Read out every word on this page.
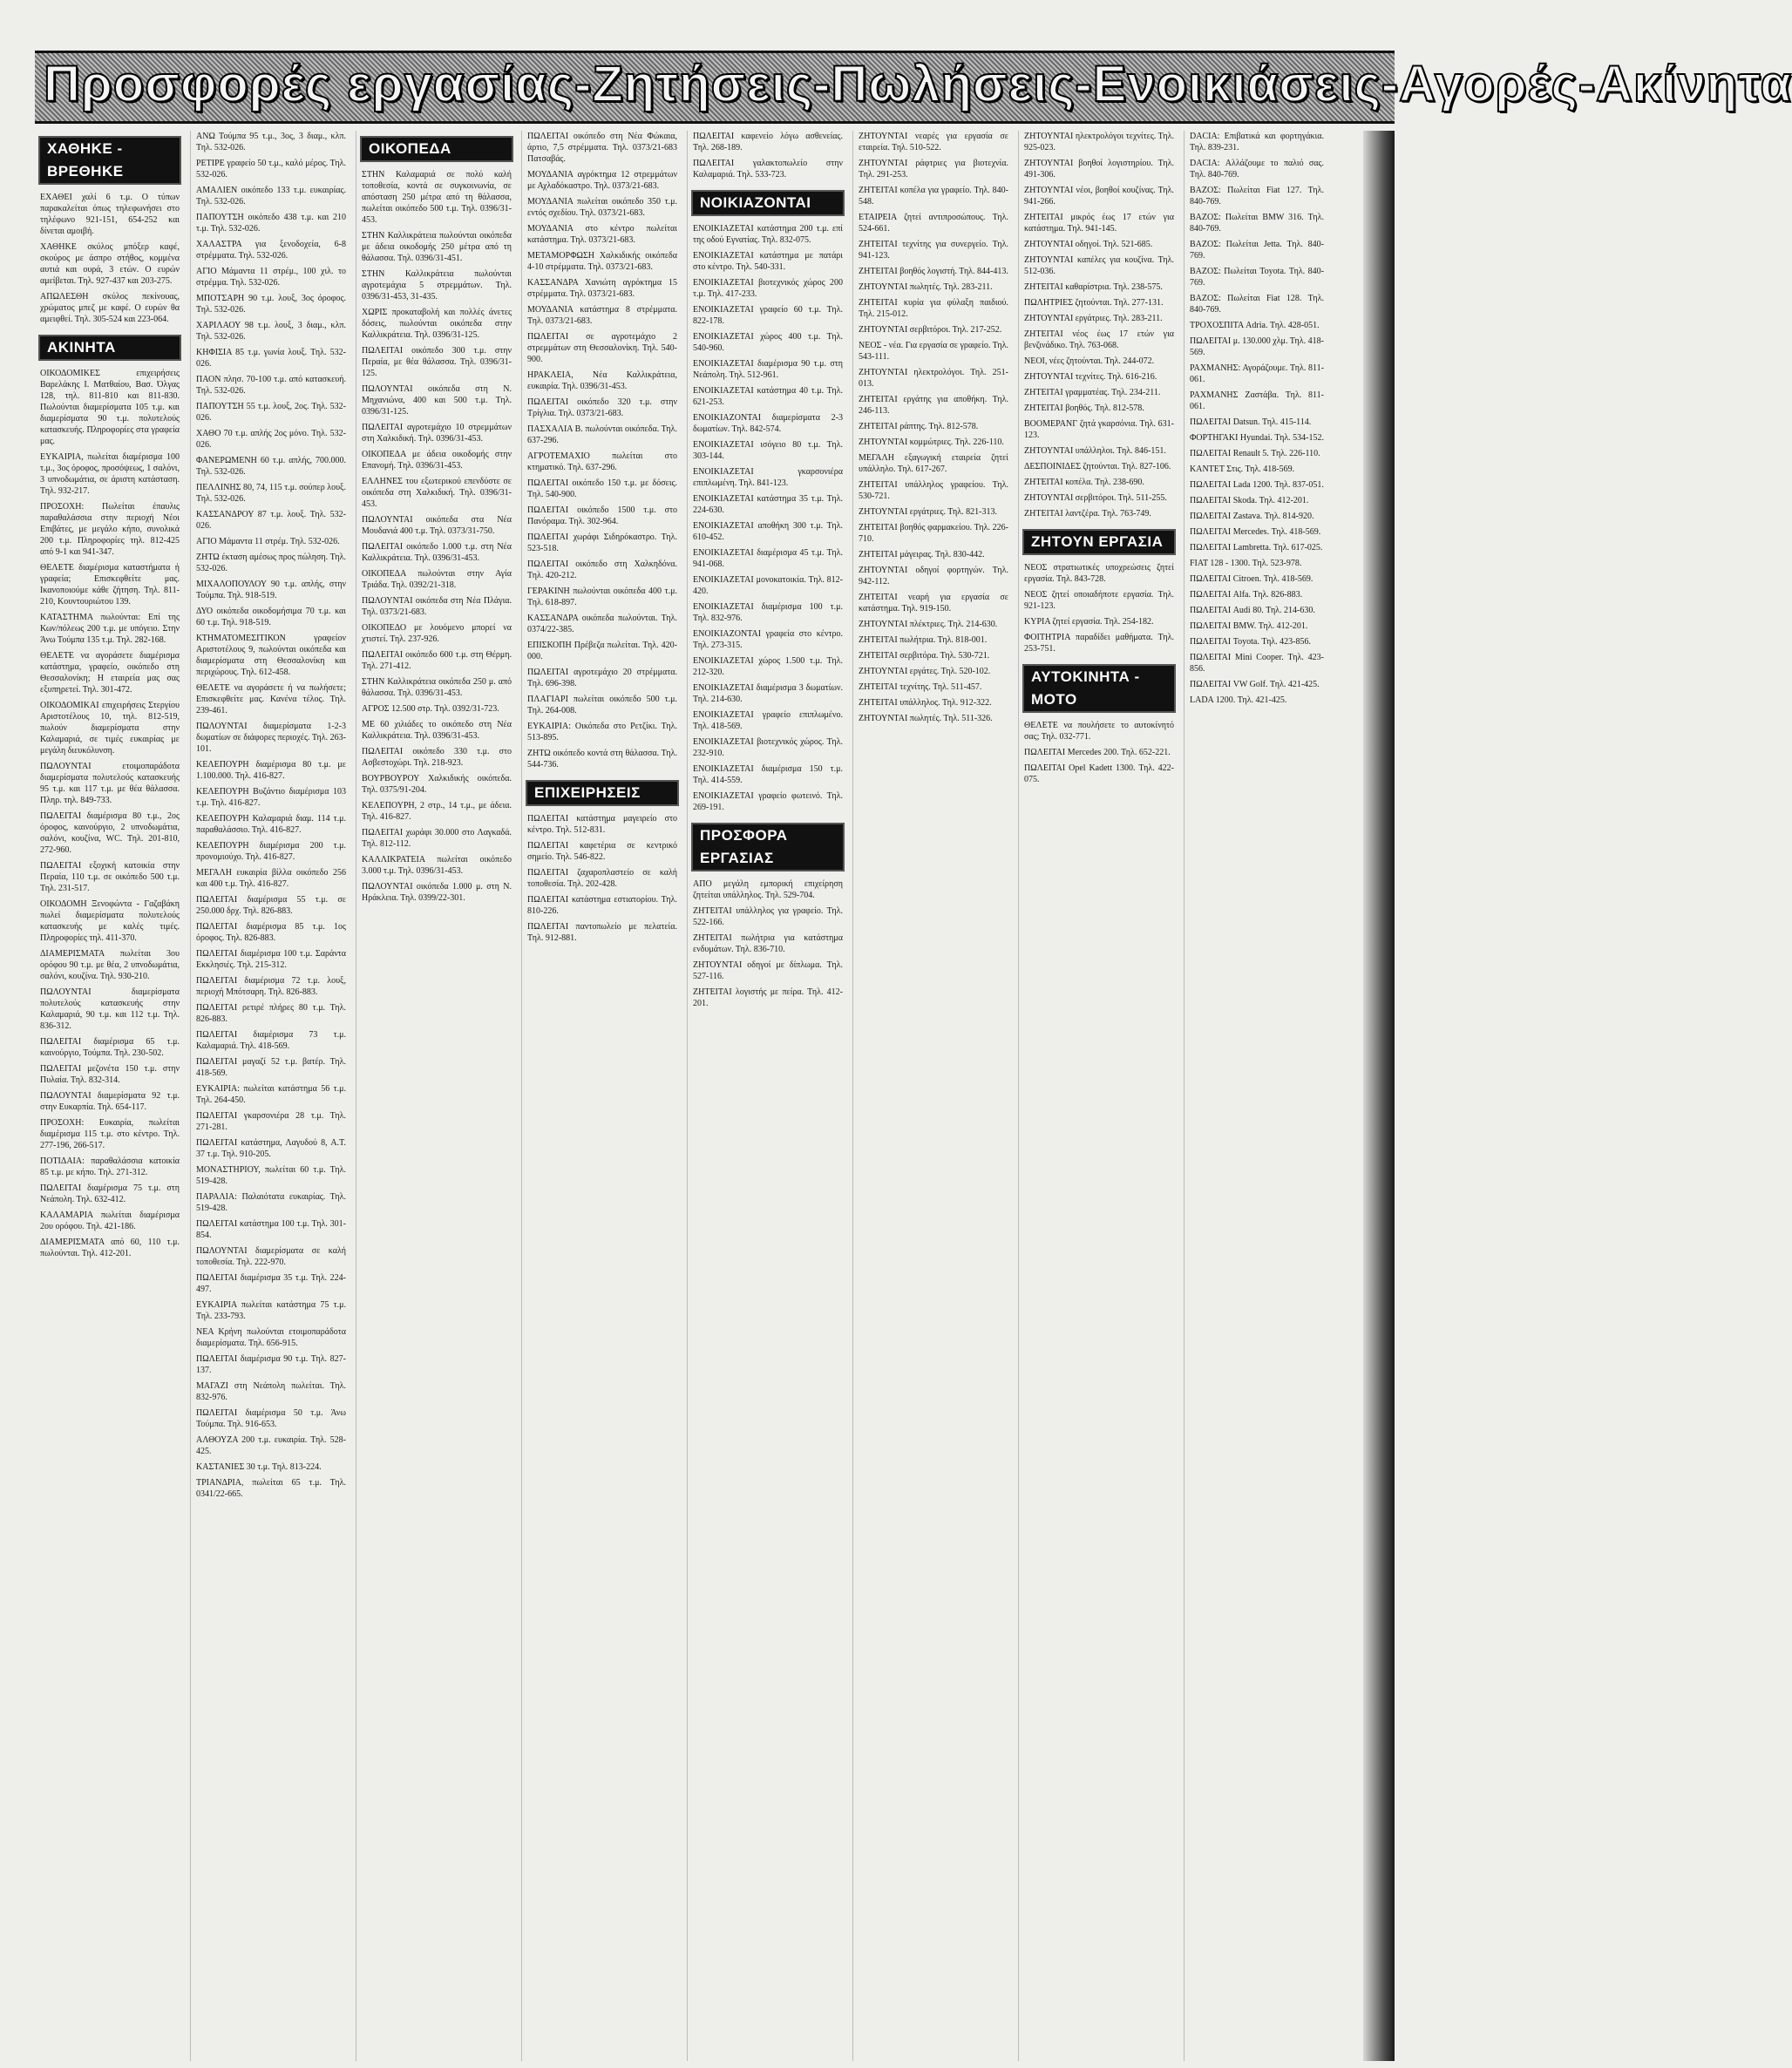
Προσφορές εργασίας-Ζητήσεις-Πωλήσεις-Ενοικιάσεις-Αγορές-Ακίνητα
ΧΑΘΗΚΕ - ΒΡΕΘΗΚΕ

ΕΧΑΘΕΙ χαλί 6 τ.μ. Ο τύπων παρακαλείται όπως τηλεφωνήσει στο τηλέφωνο 921-151, 654-252 και δίνεται αμοιβή.

ΧΑΘΗΚΕ σκύλος μπόξερ καφέ, σκούρος με άσπρο στήθος, κομμένα αυτιά και ουρά, 3 ετών. Ο ευρών αμείβεται. Τηλ. 927-437 και 203-275.

ΑΠΩΛΕΣΘΗ σκύλος πεκίνουας, χρώματος μπεζ με καφέ. Ο ευρών θα αμειφθεί. Τηλ. 305-524 και 223-064.

ΑΚΙΝΗΤΑ

ΟΙΚΟΔΟΜΙΚΕΣ επιχειρήσεις Βαρελάκης Ι. Ματθαίου, Βασ. Όλγας 128, τηλ. 811-810 και 811-830. Πωλούνται διαμερίσματα 105 τ.μ. και διαμερίσματα 90 τ.μ. πολυτελούς κατασκευής. Πληροφορίες στα γραφεία μας.

ΕΥΚΑΙΡΙΑ, πωλείται διαμέρισμα 100 τ.μ., 3ος όροφος, προσόψεως, 1 σαλόνι, 3 υπνοδωμάτια, σε άριστη κατάσταση. Τηλ. 932-217.

ΠΡΟΣΟΧΗ: Πωλείται έπαυλις παραθαλάσσια στην περιοχή Νέοι Επιβάτες, με μεγάλο κήπο, συνολικά 200 τ.μ. Πληροφορίες τηλ. 812-425 από 9-1 και 941-347.

ΘΕΛΕΤΕ διαμέρισμα καταστήματα ή γραφεία; Επισκεφθείτε μας. Ικανοποιούμε κάθε ζήτηση. Τηλ. 811-210, Κουντουριώτου 139.

ΚΑΤΑΣΤΗΜΑ πωλούνται: Επί της Κων/πόλεως 200 τ.μ. με υπόγειο. Στην Άνω Τούμπα 135 τ.μ. Τηλ. 282-168.

ΘΕΛΕΤΕ να αγοράσετε διαμέρισμα κατάστημα, γραφείο, οικόπεδο στη Θεσσαλονίκη; Η εταιρεία μας σας εξυπηρετεί. Τηλ. 301-472.

ΟΙΚΟΔΟΜΙΚΑΙ επιχειρήσεις Στεργίου Αριστοτέλους 10, τηλ. 812-519, πωλούν διαμερίσματα στην Καλαμαριά, σε τιμές ευκαιρίας με μεγάλη διευκόλυνση.

ΠΩΛΟΥΝΤΑΙ ετοιμοπαράδοτα διαμερίσματα πολυτελούς κατασκευής 95 τ.μ. και 117 τ.μ. με θέα θάλασσα. Πληρ. τηλ. 849-733.

ΠΩΛΕΙΤΑΙ διαμέρισμα 80 τ.μ., 2ος όροφος, καινούργιο, 2 υπνοδωμάτια, σαλόνι, κουζίνα, WC. Τηλ. 201-810, 272-960.

ΠΩΛΕΙΤΑΙ εξοχική κατοικία στην Περαία, 110 τ.μ. σε οικόπεδο 500 τ.μ. Τηλ. 231-517.

ΟΙΚΟΔΟΜΗ Ξενοφώντα - Γαζαβάκη πωλεί διαμερίσματα πολυτελούς κατασκευής με καλές τιμές. Πληροφορίες τηλ. 411-370.

ΔΙΑΜΕΡΙΣΜΑΤΑ πωλείται 3ου ορόφου 90 τ.μ. με θέα, 2 υπνοδωμάτια, σαλόνι, κουζίνα. Τηλ. 930-210.

ΠΩΛΟΥΝΤΑΙ διαμερίσματα πολυτελούς κατασκευής στην Καλαμαριά, 90 τ.μ. και 112 τ.μ. Τηλ. 836-312.

ΠΩΛΕΙΤΑΙ διαμέρισμα 65 τ.μ. καινούργιο, Τούμπα. Τηλ. 230-502.

ΠΩΛΕΙΤΑΙ μεζονέτα 150 τ.μ. στην Πυλαία. Τηλ. 832-314.

ΠΩΛΟΥΝΤΑΙ διαμερίσματα 92 τ.μ. στην Ευκαρπία. Τηλ. 654-117.

ΠΡΟΣΟΧΗ: Ευκαιρία, πωλείται διαμέρισμα 115 τ.μ. στο κέντρο. Τηλ. 277-196, 266-517.

ΠΟΤΙΔΑΙΑ: παραθαλάσσια κατοικία 85 τ.μ. με κήπο. Τηλ. 271-312.

ΠΩΛΕΙΤΑΙ διαμέρισμα 75 τ.μ. στη Νεάπολη. Τηλ. 632-412.

ΚΑΛΑΜΑΡΙΑ πωλείται διαμέρισμα 2ου ορόφου. Τηλ. 421-186.

ΔΙΑΜΕΡΙΣΜΑΤΑ από 60, 110 τ.μ. πωλούνται. Τηλ. 412-201.

ΑΝΩ Τούμπα 95 τ.μ., 3ος, 3 διαμ., κλπ. Τηλ. 532-026.

ΡΕΤΙΡΕ γραφείο 50 τ.μ., καλό μέρος. Τηλ. 532-026.

ΑΜΑΛΙΕΝ οικόπεδο 133 τ.μ. ευκαιρίας. Τηλ. 532-026.

ΠΑΠΟΥΤΣΗ οικόπεδο 438 τ.μ. και 210 τ.μ. Τηλ. 532-026.

ΧΑΛΑΣΤΡΑ για ξενοδοχεία, 6-8 στρέμματα. Τηλ. 532-026.

ΑΓΙΟ Μάμαντα 11 στρέμ., 100 χιλ. το στρέμμα. Τηλ. 532-026.

ΜΠΟΤΣΑΡΗ 90 τ.μ. λουξ, 3ος όροφος. Τηλ. 532-026.

ΧΑΡΙΛΑΟΥ 98 τ.μ. λουξ, 3 διαμ., κλπ. Τηλ. 532-026.

ΚΗΦΙΣΙΑ 85 τ.μ. γωνία λουξ. Τηλ. 532-026.

ΠΑΟΝ πλησ. 70-100 τ.μ. από κατασκευή. Τηλ. 532-026.

ΠΑΠΟΥΤΣΗ 55 τ.μ. λουξ, 2ος. Τηλ. 532-026.

ΧΑΘΟ 70 τ.μ. απλής 2ος μόνο. Τηλ. 532-026.

ΦΑΝΕΡΩΜΕΝΗ 60 τ.μ. απλής, 700.000. Τηλ. 532-026.

ΠΕΛΛΙΝΗΣ 80, 74, 115 τ.μ. σούπερ λουξ. Τηλ. 532-026.

ΚΑΣΣΑΝΔΡΟΥ 87 τ.μ. λουξ. Τηλ. 532-026.

ΑΓΙΟ Μάμαντα 11 στρέμ. Τηλ. 532-026.

ΖΗΤΩ έκταση αμέσως προς πώληση. Τηλ. 532-026.

ΜΙΧΑΛΟΠΟΥΛΟΥ 90 τ.μ. απλής, στην Τούμπα. Τηλ. 918-519.

ΔΥΟ οικόπεδα οικοδομήσιμα 70 τ.μ. και 60 τ.μ. Τηλ. 918-519.

ΚΤΗΜΑΤΟΜΕΣΙΤΙΚΟΝ γραφείον Αριστοτέλους 9, πωλούνται οικόπεδα και διαμερίσματα στη Θεσσαλονίκη και περιχώρους. Τηλ. 612-458.

ΘΕΛΕΤΕ να αγοράσετε ή να πωλήσετε; Επισκεφθείτε μας. Κανένα τέλος. Τηλ. 239-461.

ΠΩΛΟΥΝΤΑΙ διαμερίσματα 1-2-3 δωματίων σε διάφορες περιοχές. Τηλ. 263-101.

ΚΕΛΕΠΟΥΡΗ διαμέρισμα 80 τ.μ. με 1.100.000. Τηλ. 416-827.

ΚΕΛΕΠΟΥΡΗ Βυζάντιο διαμέρισμα 103 τ.μ. Τηλ. 416-827.

ΚΕΛΕΠΟΥΡΗ Καλαμαριά διαμ. 114 τ.μ. παραθαλάσσιο. Τηλ. 416-827.

ΚΕΛΕΠΟΥΡΗ διαμέρισμα 200 τ.μ. προνομιούχο. Τηλ. 416-827.

ΜΕΓΑΛΗ ευκαιρία βίλλα οικόπεδο 256 και 400 τ.μ. Τηλ. 416-827.

ΠΩΛΕΙΤΑΙ διαμέρισμα 55 τ.μ. σε 250.000 δρχ. Τηλ. 826-883.

ΠΩΛΕΙΤΑΙ διαμέρισμα 85 τ.μ. 1ος όροφος. Τηλ. 826-883.

ΠΩΛΕΙΤΑΙ διαμέρισμα 100 τ.μ. Σαράντα Εκκλησιές. Τηλ. 215-312.

ΠΩΛΕΙΤΑΙ διαμέρισμα 72 τ.μ. λουξ, περιοχή Μπότσαρη. Τηλ. 826-883.

ΠΩΛΕΙΤΑΙ ρετιρέ πλήρες 80 τ.μ. Τηλ. 826-883.

ΠΩΛΕΙΤΑΙ διαμέρισμα 73 τ.μ. Καλαμαριά. Τηλ. 418-569.

ΠΩΛΕΙΤΑΙ μαγαζί 52 τ.μ. βατέρ. Τηλ. 418-569.

ΕΥΚΑΙΡΙΑ: πωλείται κατάστημα 56 τ.μ. Τηλ. 264-450.

ΠΩΛΕΙΤΑΙ γκαρσονιέρα 28 τ.μ. Τηλ. 271-281.

ΠΩΛΕΙΤΑΙ κατάστημα, Λαγυδού 8, Α.Τ. 37 τ.μ. Τηλ. 910-205.

ΜΟΝΑΣΤΗΡΙΟΥ, πωλείται 60 τ.μ. Τηλ. 519-428.

ΠΑΡΑΛΙΑ: Παλαιότατα ευκαιρίας. Τηλ. 519-428.

ΠΩΛΕΙΤΑΙ κατάστημα 100 τ.μ. Τηλ. 301-854.

ΠΩΛΟΥΝΤΑΙ διαμερίσματα σε καλή τοποθεσία. Τηλ. 222-970.

ΠΩΛΕΙΤΑΙ διαμέρισμα 35 τ.μ. Τηλ. 224-497.

ΕΥΚΑΙΡΙΑ πωλείται κατάστημα 75 τ.μ. Τηλ. 233-793.

ΝΕΑ Κρήνη πωλούνται ετοιμοπαράδοτα διαμερίσματα. Τηλ. 656-915.

ΠΩΛΕΙΤΑΙ διαμέρισμα 90 τ.μ. Τηλ. 827-137.

ΜΑΓΑΖΙ στη Νεάπολη πωλείται. Τηλ. 832-976.

ΠΩΛΕΙΤΑΙ διαμέρισμα 50 τ.μ. Άνω Τούμπα. Τηλ. 916-653.

ΑΛΘΟΥΖΑ 200 τ.μ. ευκαιρία. Τηλ. 528-425.

ΚΑΣΤΑΝΙΕΣ 30 τ.μ. Τηλ. 813-224.

ΤΡΙΑΝΔΡΙΑ, πωλείται 65 τ.μ. Τηλ. 0341/22-665.

ΟΙΚΟΠΕΔΑ

ΣΤΗΝ Καλαμαριά σε πολύ καλή τοποθεσία, κοντά σε συγκοινωνία, σε απόσταση 250 μέτρα από τη θάλασσα, πωλείται οικόπεδο 500 τ.μ. Τηλ. 0396/31-453.

ΣΤΗΝ Καλλικράτεια πωλούνται οικόπεδα με άδεια οικοδομής 250 μέτρα από τη θάλασσα. Τηλ. 0396/31-451.

ΣΤΗΝ Καλλικράτεια πωλούνται αγροτεμάχια 5 στρεμμάτων. Τηλ. 0396/31-453, 31-435.

ΧΩΡΙΣ προκαταβολή και πολλές άνετες δόσεις, πωλούνται οικόπεδα στην Καλλικράτεια. Τηλ. 0396/31-125.

ΠΩΛΕΙΤΑΙ οικόπεδο 300 τ.μ. στην Περαία, με θέα θάλασσα. Τηλ. 0396/31-125.

ΠΩΛΟΥΝΤΑΙ οικόπεδα στη Ν. Μηχανιώνα, 400 και 500 τ.μ. Τηλ. 0396/31-125.

ΠΩΛΕΙΤΑΙ αγροτεμάχιο 10 στρεμμάτων στη Χαλκιδική. Τηλ. 0396/31-453.

ΟΙΚΟΠΕΔΑ με άδεια οικοδομής στην Επανομή. Τηλ. 0396/31-453.

ΕΛΛΗΝΕΣ του εξωτερικού επενδύστε σε οικόπεδα στη Χαλκιδική. Τηλ. 0396/31-453.

ΠΩΛΟΥΝΤΑΙ οικόπεδα στα Νέα Μουδανιά 400 τ.μ. Τηλ. 0373/31-750.

ΠΩΛΕΙΤΑΙ οικόπεδο 1.000 τ.μ. στη Νέα Καλλικράτεια. Τηλ. 0396/31-453.

ΟΙΚΟΠΕΔΑ πωλούνται στην Αγία Τριάδα. Τηλ. 0392/21-318.

ΠΩΛΟΥΝΤΑΙ οικόπεδα στη Νέα Πλάγια. Τηλ. 0373/21-683.

ΟΙΚΟΠΕΔΟ με λουόμενο μπορεί να χτιστεί. Τηλ. 237-926.

ΠΩΛΕΙΤΑΙ οικόπεδο 600 τ.μ. στη Θέρμη. Τηλ. 271-412.

ΣΤΗΝ Καλλικράτεια οικόπεδα 250 μ. από θάλασσα. Τηλ. 0396/31-453.

ΑΓΡΟΣ 12.500 στρ. Τηλ. 0392/31-723.

ΜΕ 60 χιλιάδες το οικόπεδο στη Νέα Καλλικράτεια. Τηλ. 0396/31-453.

ΠΩΛΕΙΤΑΙ οικόπεδο 330 τ.μ. στο Ασβεστοχώρι. Τηλ. 218-923.

ΒΟΥΡΒΟΥΡΟΥ Χαλκιδικής οικόπεδα. Τηλ. 0375/91-204.

ΚΕΛΕΠΟΥΡΗ, 2 στρ., 14 τ.μ., με άδεια. Τηλ. 416-827.

ΠΩΛΕΙΤΑΙ χωράφι 30.000 στο Λαγκαδά. Τηλ. 812-112.

ΚΑΛΛΙΚΡΑΤΕΙΑ πωλείται οικόπεδο 3.000 τ.μ. Τηλ. 0396/31-453.

ΠΩΛΟΥΝΤΑΙ οικόπεδα 1.000 μ. στη Ν. Ηράκλεια. Τηλ. 0399/22-301.

ΠΩΛΕΙΤΑΙ οικόπεδο στη Νέα Φώκαια, άρτιο, 7,5 στρέμματα. Τηλ. 0373/21-683 Πατσαβάς.

ΜΟΥΔΑΝΙΑ αγρόκτημα 12 στρεμμάτων με Αχλαδόκαστρο. Τηλ. 0373/21-683.

ΜΟΥΔΑΝΙΑ πωλείται οικόπεδο 350 τ.μ. εντός σχεδίου. Τηλ. 0373/21-683.

ΜΟΥΔΑΝΙΑ στο κέντρο πωλείται κατάστημα. Τηλ. 0373/21-683.

ΜΕΤΑΜΟΡΦΩΣΗ Χαλκιδικής οικόπεδα 4-10 στρέμματα. Τηλ. 0373/21-683.

ΚΑΣΣΑΝΔΡΑ Χανιώτη αγρόκτημα 15 στρέμματα. Τηλ. 0373/21-683.

ΜΟΥΔΑΝΙΑ κατάστημα 8 στρέμματα. Τηλ. 0373/21-683.

ΠΩΛΕΙΤΑΙ σε αγροτεμάχιο 2 στρεμμάτων στη Θεσσαλονίκη. Τηλ. 540-900.

ΗΡΑΚΛΕΙΑ, Νέα Καλλικράτεια, ευκαιρία. Τηλ. 0396/31-453.

ΠΩΛΕΙΤΑΙ οικόπεδο 320 τ.μ. στην Τρίγλια. Τηλ. 0373/21-683.

ΠΑΣΧΑΛΙΑ Β. πωλούνται οικόπεδα. Τηλ. 637-296.

ΑΓΡΟΤΕΜΑΧΙΟ πωλείται στο κτηματικό. Τηλ. 637-296.

ΠΩΛΕΙΤΑΙ οικόπεδο 150 τ.μ. με δόσεις. Τηλ. 540-900.

ΠΩΛΕΙΤΑΙ οικόπεδο 1500 τ.μ. στο Πανόραμα. Τηλ. 302-964.

ΠΩΛΕΙΤΑΙ χωράφι Σιδηρόκαστρο. Τηλ. 523-518.

ΠΩΛΕΙΤΑΙ οικόπεδο στη Χαλκηδόνα. Τηλ. 420-212.

ΓΕΡΑΚΙΝΗ πωλούνται οικόπεδα 400 τ.μ. Τηλ. 618-897.

ΚΑΣΣΑΝΔΡΑ οικόπεδα πωλούνται. Τηλ. 0374/22-385.

ΕΠΙΣΚΟΠΗ Πρέβεζα πωλείται. Τηλ. 420-000.

ΠΩΛΕΙΤΑΙ αγροτεμάχιο 20 στρέμματα. Τηλ. 696-398.

ΠΛΑΓΙΑΡΙ πωλείται οικόπεδο 500 τ.μ. Τηλ. 264-008.

ΕΥΚΑΙΡΙΑ: Οικόπεδα στο Ρετζίκι. Τηλ. 513-895.

ΖΗΤΩ οικόπεδο κοντά στη θάλασσα. Τηλ. 544-736.

ΕΠΙΧΕΙΡΗΣΕΙΣ

ΠΩΛΕΙΤΑΙ κατάστημα μαγειρείο στο κέντρο. Τηλ. 512-831.

ΠΩΛΕΙΤΑΙ καφετέρια σε κεντρικό σημείο. Τηλ. 546-822.

ΠΩΛΕΙΤΑΙ ζαχαροπλαστείο σε καλή τοποθεσία. Τηλ. 202-428.

ΠΩΛΕΙΤΑΙ κατάστημα εστιατορίου. Τηλ. 810-226.

ΠΩΛΕΙΤΑΙ παντοπωλείο με πελατεία. Τηλ. 912-881.

ΠΩΛΕΙΤΑΙ καφενείο λόγω ασθενείας. Τηλ. 268-189.

ΠΩΛΕΙΤΑΙ γαλακτοπωλείο στην Καλαμαριά. Τηλ. 533-723.

ΝΟΙΚΙΑΖΟΝΤΑΙ

ΕΝΟΙΚΙΑΖΕΤΑΙ κατάστημα 200 τ.μ. επί της οδού Εγνατίας. Τηλ. 832-075.

ΕΝΟΙΚΙΑΖΕΤΑΙ κατάστημα με πατάρι στο κέντρο. Τηλ. 540-331.

ΕΝΟΙΚΙΑΖΕΤΑΙ βιοτεχνικός χώρος 200 τ.μ. Τηλ. 417-233.

ΕΝΟΙΚΙΑΖΕΤΑΙ γραφείο 60 τ.μ. Τηλ. 822-178.

ΕΝΟΙΚΙΑΖΕΤΑΙ χώρος 400 τ.μ. Τηλ. 540-960.

ΕΝΟΙΚΙΑΖΕΤΑΙ διαμέρισμα 90 τ.μ. στη Νεάπολη. Τηλ. 512-961.

ΕΝΟΙΚΙΑΖΕΤΑΙ κατάστημα 40 τ.μ. Τηλ. 621-253.

ΕΝΟΙΚΙΑΖΟΝΤΑΙ διαμερίσματα 2-3 δωματίων. Τηλ. 842-574.

ΕΝΟΙΚΙΑΖΕΤΑΙ ισόγειο 80 τ.μ. Τηλ. 303-144.

ΕΝΟΙΚΙΑΖΕΤΑΙ γκαρσονιέρα επιπλωμένη. Τηλ. 841-123.

ΕΝΟΙΚΙΑΖΕΤΑΙ κατάστημα 35 τ.μ. Τηλ. 224-630.

ΕΝΟΙΚΙΑΖΕΤΑΙ αποθήκη 300 τ.μ. Τηλ. 610-452.

ΕΝΟΙΚΙΑΖΕΤΑΙ διαμέρισμα 45 τ.μ. Τηλ. 941-068.

ΕΝΟΙΚΙΑΖΕΤΑΙ μονοκατοικία. Τηλ. 812-420.

ΕΝΟΙΚΙΑΖΕΤΑΙ διαμέρισμα 100 τ.μ. Τηλ. 832-976.

ΕΝΟΙΚΙΑΖΟΝΤΑΙ γραφεία στο κέντρο. Τηλ. 273-315.

ΕΝΟΙΚΙΑΖΕΤΑΙ χώρος 1.500 τ.μ. Τηλ. 212-320.

ΕΝΟΙΚΙΑΖΕΤΑΙ διαμέρισμα 3 δωματίων. Τηλ. 214-630.

ΕΝΟΙΚΙΑΖΕΤΑΙ γραφείο επιπλωμένο. Τηλ. 418-569.

ΕΝΟΙΚΙΑΖΕΤΑΙ βιοτεχνικός χώρος. Τηλ. 232-910.

ΕΝΟΙΚΙΑΖΕΤΑΙ διαμέρισμα 150 τ.μ. Τηλ. 414-559.

ΕΝΟΙΚΙΑΖΕΤΑΙ γραφείο φωτεινό. Τηλ. 269-191.

ΠΡΟΣΦΟΡΑ ΕΡΓΑΣΙΑΣ

ΑΠΟ μεγάλη εμπορική επιχείρηση ζητείται υπάλληλος. Τηλ. 529-704.

ΖΗΤΕΙΤΑΙ υπάλληλος για γραφείο. Τηλ. 522-166.

ΖΗΤΕΙΤΑΙ πωλήτρια για κατάστημα ενδυμάτων. Τηλ. 836-710.

ΖΗΤΟΥΝΤΑΙ οδηγοί με δίπλωμα. Τηλ. 527-116.

ΖΗΤΕΙΤΑΙ λογιστής με πείρα. Τηλ. 412-201.

ΖΗΤΟΥΝΤΑΙ νεαρές για εργασία σε εταιρεία. Τηλ. 510-522.

ΖΗΤΟΥΝΤΑΙ ράφτριες για βιοτεχνία. Τηλ. 291-253.

ΖΗΤΕΙΤΑΙ κοπέλα για γραφείο. Τηλ. 840-548.

ΕΤΑΙΡΕΙΑ ζητεί αντιπροσώπους. Τηλ. 524-661.

ΖΗΤΕΙΤΑΙ τεχνίτης για συνεργείο. Τηλ. 941-123.

ΖΗΤΕΙΤΑΙ βοηθός λογιστή. Τηλ. 844-413.

ΖΗΤΟΥΝΤΑΙ πωλητές. Τηλ. 283-211.

ΖΗΤΕΙΤΑΙ κυρία για φύλαξη παιδιού. Τηλ. 215-012.

ΖΗΤΟΥΝΤΑΙ σερβιτόροι. Τηλ. 217-252.

ΝΕΟΣ - νέα. Για εργασία σε γραφείο. Τηλ. 543-111.

ΖΗΤΟΥΝΤΑΙ ηλεκτρολόγοι. Τηλ. 251-013.

ΖΗΤΕΙΤΑΙ εργάτης για αποθήκη. Τηλ. 246-113.

ΖΗΤΕΙΤΑΙ ράπτης. Τηλ. 812-578.

ΖΗΤΟΥΝΤΑΙ κομμώτριες. Τηλ. 226-110.

ΜΕΓΑΛΗ εξαγωγική εταιρεία ζητεί υπάλληλο. Τηλ. 617-267.

ΖΗΤΕΙΤΑΙ υπάλληλος γραφείου. Τηλ. 530-721.

ΖΗΤΟΥΝΤΑΙ εργάτριες. Τηλ. 821-313.

ΖΗΤΕΙΤΑΙ βοηθός φαρμακείου. Τηλ. 226-710.

ΖΗΤΕΙΤΑΙ μάγειρας. Τηλ. 830-442.

ΖΗΤΟΥΝΤΑΙ οδηγοί φορτηγών. Τηλ. 942-112.

ΖΗΤΕΙΤΑΙ νεαρή για εργασία σε κατάστημα. Τηλ. 919-150.

ΖΗΤΟΥΝΤΑΙ πλέκτριες. Τηλ. 214-630.

ΖΗΤΕΙΤΑΙ πωλήτρια. Τηλ. 818-001.

ΖΗΤΕΙΤΑΙ σερβιτόρα. Τηλ. 530-721.

ΖΗΤΟΥΝΤΑΙ εργάτες. Τηλ. 520-102.

ΖΗΤΕΙΤΑΙ τεχνίτης. Τηλ. 511-457.

ΖΗΤΕΙΤΑΙ υπάλληλος. Τηλ. 912-322.

ΖΗΤΟΥΝΤΑΙ πωλητές. Τηλ. 511-326.

ΖΗΤΟΥΝΤΑΙ ηλεκτρολόγοι τεχνίτες. Τηλ. 925-023.

ΖΗΤΟΥΝΤΑΙ βοηθοί λογιστηρίου. Τηλ. 491-306.

ΖΗΤΟΥΝΤΑΙ νέοι, βοηθοί κουζίνας. Τηλ. 941-266.

ΖΗΤΕΙΤΑΙ μικρός έως 17 ετών για κατάστημα. Τηλ. 941-145.

ΖΗΤΟΥΝΤΑΙ οδηγοί. Τηλ. 521-685.

ΖΗΤΟΥΝΤΑΙ καπέλες για κουζίνα. Τηλ. 512-036.

ΖΗΤΕΙΤΑΙ καθαρίστρια. Τηλ. 238-575.

ΠΩΛΗΤΡΙΕΣ ζητούνται. Τηλ. 277-131.

ΖΗΤΟΥΝΤΑΙ εργάτριες. Τηλ. 283-211.

ΖΗΤΕΙΤΑΙ νέος έως 17 ετών για βενζινάδικο. Τηλ. 763-068.

ΝΕΟΙ, νέες ζητούνται. Τηλ. 244-072.

ΖΗΤΟΥΝΤΑΙ τεχνίτες. Τηλ. 616-216.

ΖΗΤΕΙΤΑΙ γραμματέας. Τηλ. 234-211.

ΖΗΤΕΙΤΑΙ βοηθός. Τηλ. 812-578.

ΒΟΟΜΕΡΑΝΓ ζητά γκαρσόνια. Τηλ. 631-123.

ΖΗΤΟΥΝΤΑΙ υπάλληλοι. Τηλ. 846-151.

ΔΕΣΠΟΙΝΙΔΕΣ ζητούνται. Τηλ. 827-106.

ΖΗΤΕΙΤΑΙ κοπέλα. Τηλ. 238-690.

ΖΗΤΟΥΝΤΑΙ σερβιτόροι. Τηλ. 511-255.

ΖΗΤΕΙΤΑΙ λαντζέρα. Τηλ. 763-749.

ΖΗΤΟΥΝ ΕΡΓΑΣΙΑ

ΝΕΟΣ στρατιωτικές υποχρεώσεις ζητεί εργασία. Τηλ. 843-728.

ΝΕΟΣ ζητεί οποιαδήποτε εργασία. Τηλ. 921-123.

ΚΥΡΙΑ ζητεί εργασία. Τηλ. 254-182.

ΦΟΙΤΗΤΡΙΑ παραδίδει μαθήματα. Τηλ. 253-751.

ΑΥΤΟΚΙΝΗΤΑ - ΜΟΤΟ

ΘΕΛΕΤΕ να πουλήσετε το αυτοκίνητό σας; Τηλ. 032-771.

ΠΩΛΕΙΤΑΙ Mercedes 200. Τηλ. 652-221.

ΠΩΛΕΙΤΑΙ Opel Kadett 1300. Τηλ. 422-075.

DACIA: Επιβατικά και φορτηγάκια. Τηλ. 839-231.

DACIA: Αλλάζουμε το παλιό σας. Τηλ. 840-769.

ΒΑΖΟΣ: Πωλείται Fiat 127. Τηλ. 840-769.

ΒΑΖΟΣ: Πωλείται BMW 316. Τηλ. 840-769.

ΒΑΖΟΣ: Πωλείται Jetta. Τηλ. 840-769.

ΒΑΖΟΣ: Πωλείται Toyota. Τηλ. 840-769.

ΒΑΖΟΣ: Πωλείται Fiat 128. Τηλ. 840-769.

ΤΡΟΧΟΣΠΙΤΑ Adria. Τηλ. 428-051.

ΠΩΛΕΙΤΑΙ μ. 130.000 χλμ. Τηλ. 418-569.

ΡΑΧΜΑΝΗΣ: Αγοράζουμε. Τηλ. 811-061.

ΡΑΧΜΑΝΗΣ Ζαστάβα. Τηλ. 811-061.

ΠΩΛΕΙΤΑΙ Datsun. Τηλ. 415-114.

ΦΟΡΤΗΓΑΚΙ Hyundai. Τηλ. 534-152.

ΠΩΛΕΙΤΑΙ Renault 5. Τηλ. 226-110.

ΚΑΝΤΕΤ Στις. Τηλ. 418-569.

ΠΩΛΕΙΤΑΙ Lada 1200. Τηλ. 837-051.

ΠΩΛΕΙΤΑΙ Skoda. Τηλ. 412-201.

ΠΩΛΕΙΤΑΙ Zastava. Τηλ. 814-920.

ΠΩΛΕΙΤΑΙ Mercedes. Τηλ. 418-569.

ΠΩΛΕΙΤΑΙ Lambretta. Τηλ. 617-025.

FIAT 128 - 1300. Τηλ. 523-978.

ΠΩΛΕΙΤΑΙ Citroen. Τηλ. 418-569.

ΠΩΛΕΙΤΑΙ Alfa. Τηλ. 826-883.

ΠΩΛΕΙΤΑΙ Audi 80. Τηλ. 214-630.

ΠΩΛΕΙΤΑΙ BMW. Τηλ. 412-201.

ΠΩΛΕΙΤΑΙ Toyota. Τηλ. 423-856.

ΠΩΛΕΙΤΑΙ Mini Cooper. Τηλ. 423-856.

ΠΩΛΕΙΤΑΙ VW Golf. Τηλ. 421-425.

LADA 1200. Τηλ. 421-425.
